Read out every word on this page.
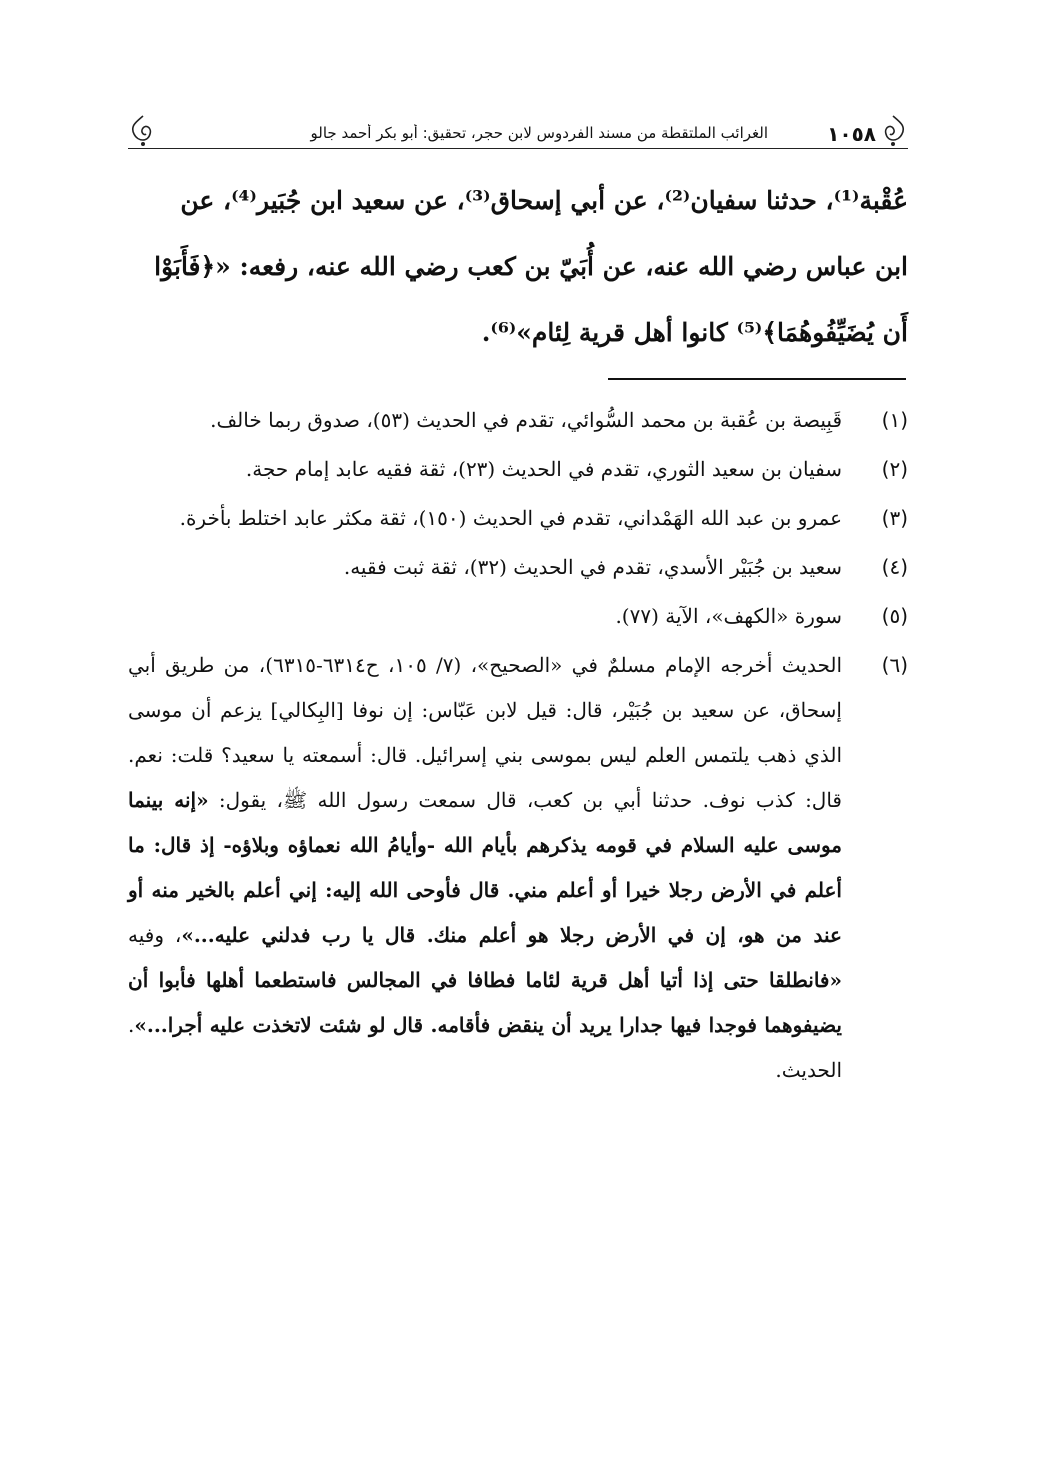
١٠٥٨
الغرائب الملتقطة من مسند الفردوس لابن حجر، تحقيق: أبو بكر أحمد جالو

عُقْبة⁽¹⁾، حدثنا سفيان⁽²⁾، عن أبي إسحاق⁽³⁾، عن سعيد ابن جُبَير⁽⁴⁾، عن

ابن عباس رضي الله عنه، عن أُبَيّ بن كعب رضي الله عنه، رفعه: «﴿فَأَبَوْا

أَن يُضَيِّفُوهُمَا﴾⁽⁵⁾ كانوا أهل قرية لِئام»⁽⁶⁾.

(١)
قَبِيصة بن عُقبة بن محمد السُّوائي، تقدم في الحديث (٥٣)، صدوق ربما خالف.
(٢)
سفيان بن سعيد الثوري، تقدم في الحديث (٢٣)، ثقة فقيه عابد إمام حجة.
(٣)
عمرو بن عبد الله الهَمْداني، تقدم في الحديث (١٥٠)، ثقة مكثر عابد اختلط بأخرة.
(٤)
سعيد بن جُبَيْر الأسدي، تقدم في الحديث (٣٢)، ثقة ثبت فقيه.
(٥)
سورة «الكهف»، الآية (٧٧).
(٦)
الحديث أخرجه الإمام مسلمٌ في «الصحيح»، (٧/ ١٠٥، ح٦٣١٤-٦٣١٥)، من طريق أبي إسحاق، عن سعيد بن جُبَيْر، قال: قيل لابن عَبّاس: إن نوفا [البِكالي] يزعم أن موسى الذي ذهب يلتمس العلم ليس بموسى بني إسرائيل. قال: أسمعته يا سعيد؟ قلت: نعم. قال: كذب نوف. حدثنا أبي بن كعب، قال سمعت رسول الله ﷺ، يقول: «إنه بينما موسى عليه السلام في قومه يذكرهم بأيام الله -وأيامُ الله نعماؤه وبلاؤه- إذ قال: ما أعلم في الأرض رجلا خيرا أو أعلم مني. قال فأوحى الله إليه: إني أعلم بالخير منه أو عند من هو، إن في الأرض رجلا هو أعلم منك. قال يا رب فدلني عليه...»، وفيه «فانطلقا حتى إذا أتيا أهل قرية لئاما فطافا في المجالس فاستطعما أهلها فأبوا أن يضيفوهما فوجدا فيها جدارا يريد أن ينقض فأقامه. قال لو شئت لاتخذت عليه أجرا...». الحديث.
